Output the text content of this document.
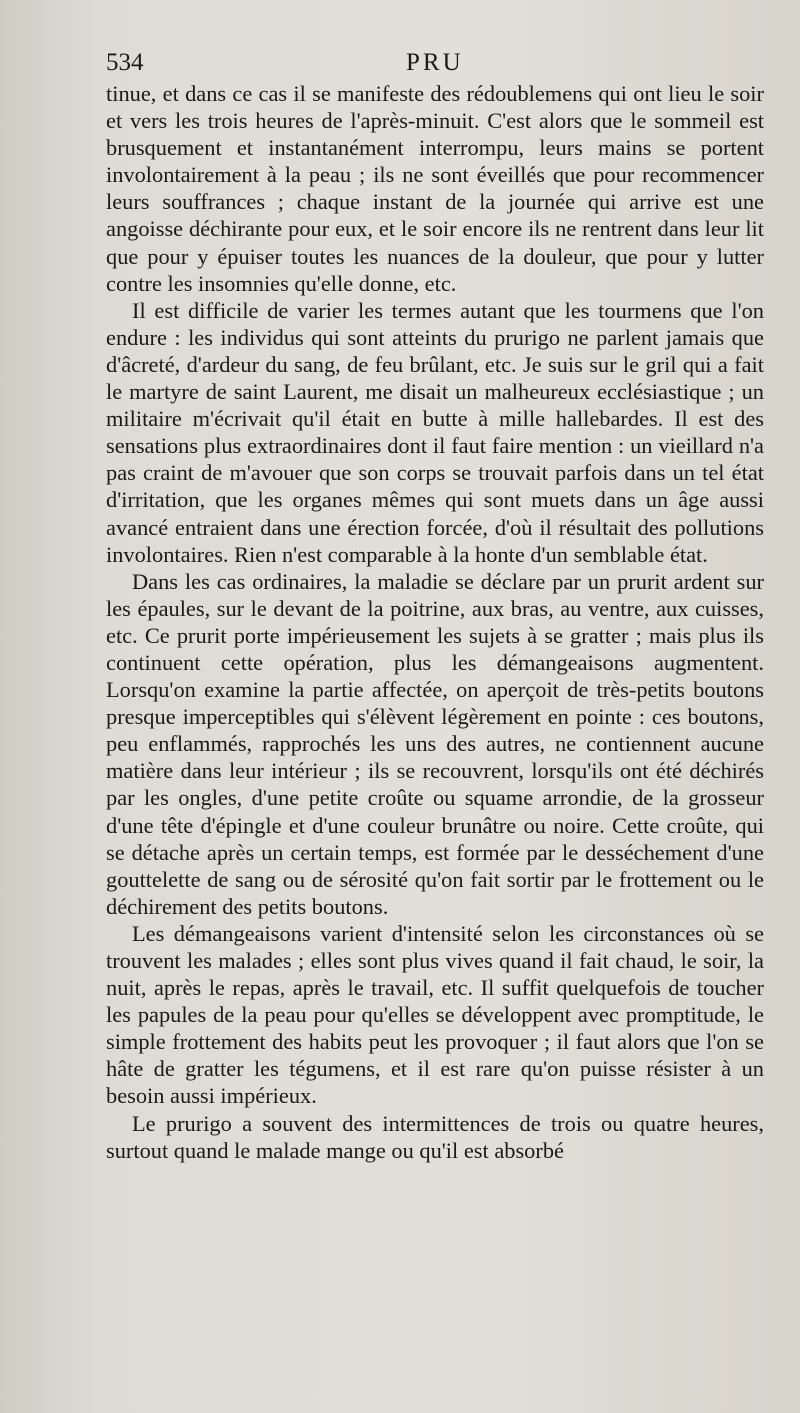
534	PRU

tinue, et dans ce cas il se manifeste des rédoublemens qui ont lieu le soir et vers les trois heures de l'après-minuit. C'est alors que le sommeil est brusquement et instantanément interrompu, leurs mains se portent involontairement à la peau ; ils ne sont éveillés que pour recommencer leurs souffrances ; chaque instant de la journée qui arrive est une angoisse déchirante pour eux, et le soir encore ils ne rentrent dans leur lit que pour y épuiser toutes les nuances de la douleur, que pour y lutter contre les insomnies qu'elle donne, etc.

Il est difficile de varier les termes autant que les tourmens que l'on endure : les individus qui sont atteints du prurigo ne parlent jamais que d'âcreté, d'ardeur du sang, de feu brûlant, etc. Je suis sur le gril qui a fait le martyre de saint Laurent, me disait un malheureux ecclésiastique ; un militaire m'écrivait qu'il était en butte à mille hallebardes. Il est des sensations plus extraordinaires dont il faut faire mention : un vieillard n'a pas craint de m'avouer que son corps se trouvait parfois dans un tel état d'irritation, que les organes mêmes qui sont muets dans un âge aussi avancé entraient dans une érection forcée, d'où il résultait des pollutions involontaires. Rien n'est comparable à la honte d'un semblable état.

Dans les cas ordinaires, la maladie se déclare par un prurit ardent sur les épaules, sur le devant de la poitrine, aux bras, au ventre, aux cuisses, etc. Ce prurit porte impérieusement les sujets à se gratter ; mais plus ils continuent cette opération, plus les démangeaisons augmentent. Lorsqu'on examine la partie affectée, on aperçoit de très-petits boutons presque imperceptibles qui s'élèvent légèrement en pointe : ces boutons, peu enflammés, rapprochés les uns des autres, ne contiennent aucune matière dans leur intérieur ; ils se recouvrent, lorsqu'ils ont été déchirés par les ongles, d'une petite croûte ou squame arrondie, de la grosseur d'une tête d'épingle et d'une couleur brunâtre ou noire. Cette croûte, qui se détache après un certain temps, est formée par le desséchement d'une gouttelette de sang ou de sérosité qu'on fait sortir par le frottement ou le déchirement des petits boutons.

Les démangeaisons varient d'intensité selon les circonstances où se trouvent les malades ; elles sont plus vives quand il fait chaud, le soir, la nuit, après le repas, après le travail, etc. Il suffit quelquefois de toucher les papules de la peau pour qu'elles se développent avec promptitude, le simple frottement des habits peut les provoquer ; il faut alors que l'on se hâte de gratter les tégumens, et il est rare qu'on puisse résister à un besoin aussi impérieux.

Le prurigo a souvent des intermittences de trois ou quatre heures, surtout quand le malade mange ou qu'il est absorbé
